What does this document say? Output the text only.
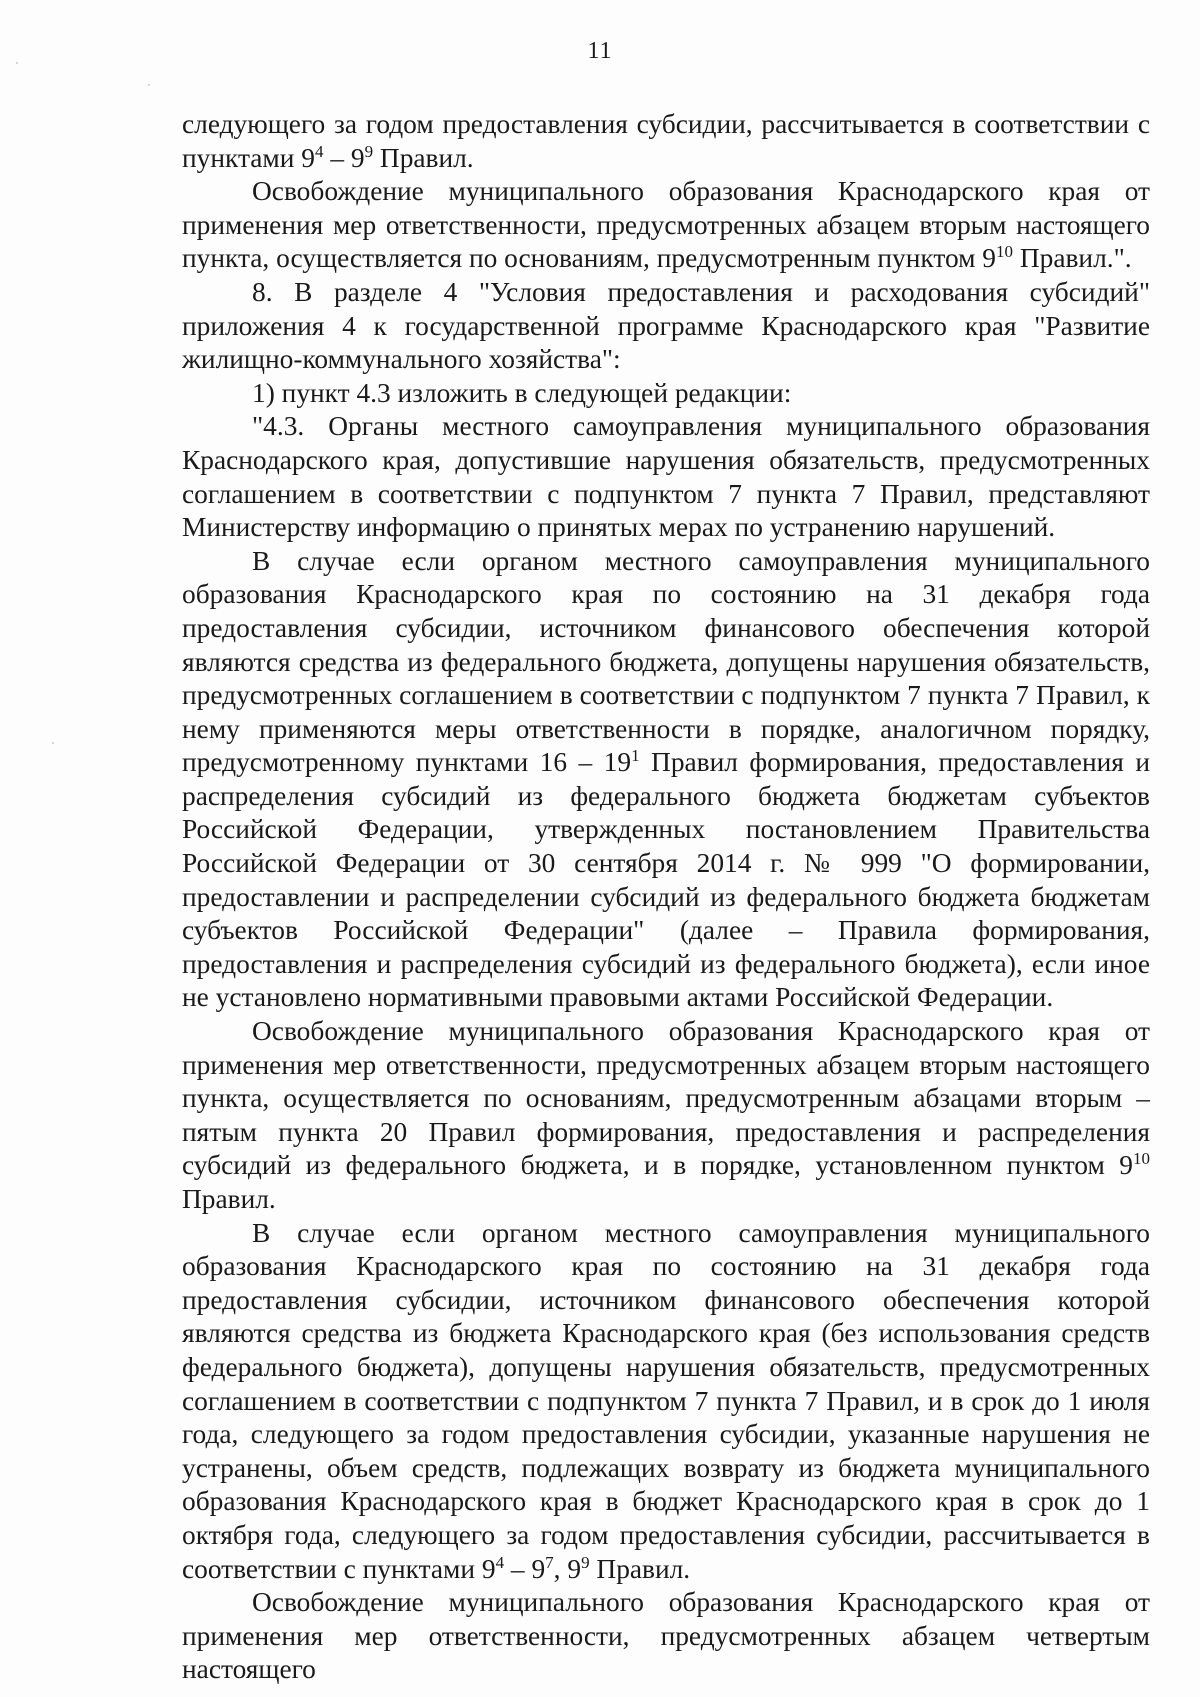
11

следующего за годом предоставления субсидии, рассчитывается в соответствии с пунктами $9^4 - 9^9$ Правил.

Освобождение муниципального образования Краснодарского края от применения мер ответственности, предусмотренных абзацем вторым настоящего пункта, осуществляется по основаниям, предусмотренным пунктом $9^{10}$ Правил.".

8. В разделе 4 "Условия предоставления и расходования субсидий" приложения 4 к государственной программе Краснодарского края "Развитие жилищно-коммунального хозяйства":

1) пункт 4.3 изложить в следующей редакции:

"4.3. Органы местного самоуправления муниципального образования Краснодарского края, допустившие нарушения обязательств, предусмотренных соглашением в соответствии с подпунктом 7 пункта 7 Правил, представляют Министерству информацию о принятых мерах по устранению нарушений.

В случае если органом местного самоуправления муниципального образования Краснодарского края по состоянию на 31 декабря года предоставления субсидии, источником финансового обеспечения которой являются средства из федерального бюджета, допущены нарушения обязательств, предусмотренных соглашением в соответствии с подпунктом 7 пункта 7 Правил, к нему применяются меры ответственности в порядке, аналогичном порядку, предусмотренному пунктами $16 - 19^1$ Правил формирования, предоставления и распределения субсидий из федерального бюджета бюджетам субъектов Российской Федерации, утвержденных постановлением Правительства Российской Федерации от 30 сентября 2014 г. № 999 "О формировании, предоставлении и распределении субсидий из федерального бюджета бюджетам субъектов Российской Федерации" (далее – Правила формирования, предоставления и распределения субсидий из федерального бюджета), если иное не установлено нормативными правовыми актами Российской Федерации.

Освобождение муниципального образования Краснодарского края от применения мер ответственности, предусмотренных абзацем вторым настоящего пункта, осуществляется по основаниям, предусмотренным абзацами вторым – пятым пункта 20 Правил формирования, предоставления и распределения субсидий из федерального бюджета, и в порядке, установленном пунктом $9^{10}$ Правил.

В случае если органом местного самоуправления муниципального образования Краснодарского края по состоянию на 31 декабря года предоставления субсидии, источником финансового обеспечения которой являются средства из бюджета Краснодарского края (без использования средств федерального бюджета), допущены нарушения обязательств, предусмотренных соглашением в соответствии с подпунктом 7 пункта 7 Правил, и в срок до 1 июля года, следующего за годом предоставления субсидии, указанные нарушения не устранены, объем средств, подлежащих возврату из бюджета муниципального образования Краснодарского края в бюджет Краснодарского края в срок до 1 октября года, следующего за годом предоставления субсидии, рассчитывается в соответствии с пунктами $9^4 - 9^7$, $9^9$ Правил.

Освобождение муниципального образования Краснодарского края от применения мер ответственности, предусмотренных абзацем четвертым настоящего
